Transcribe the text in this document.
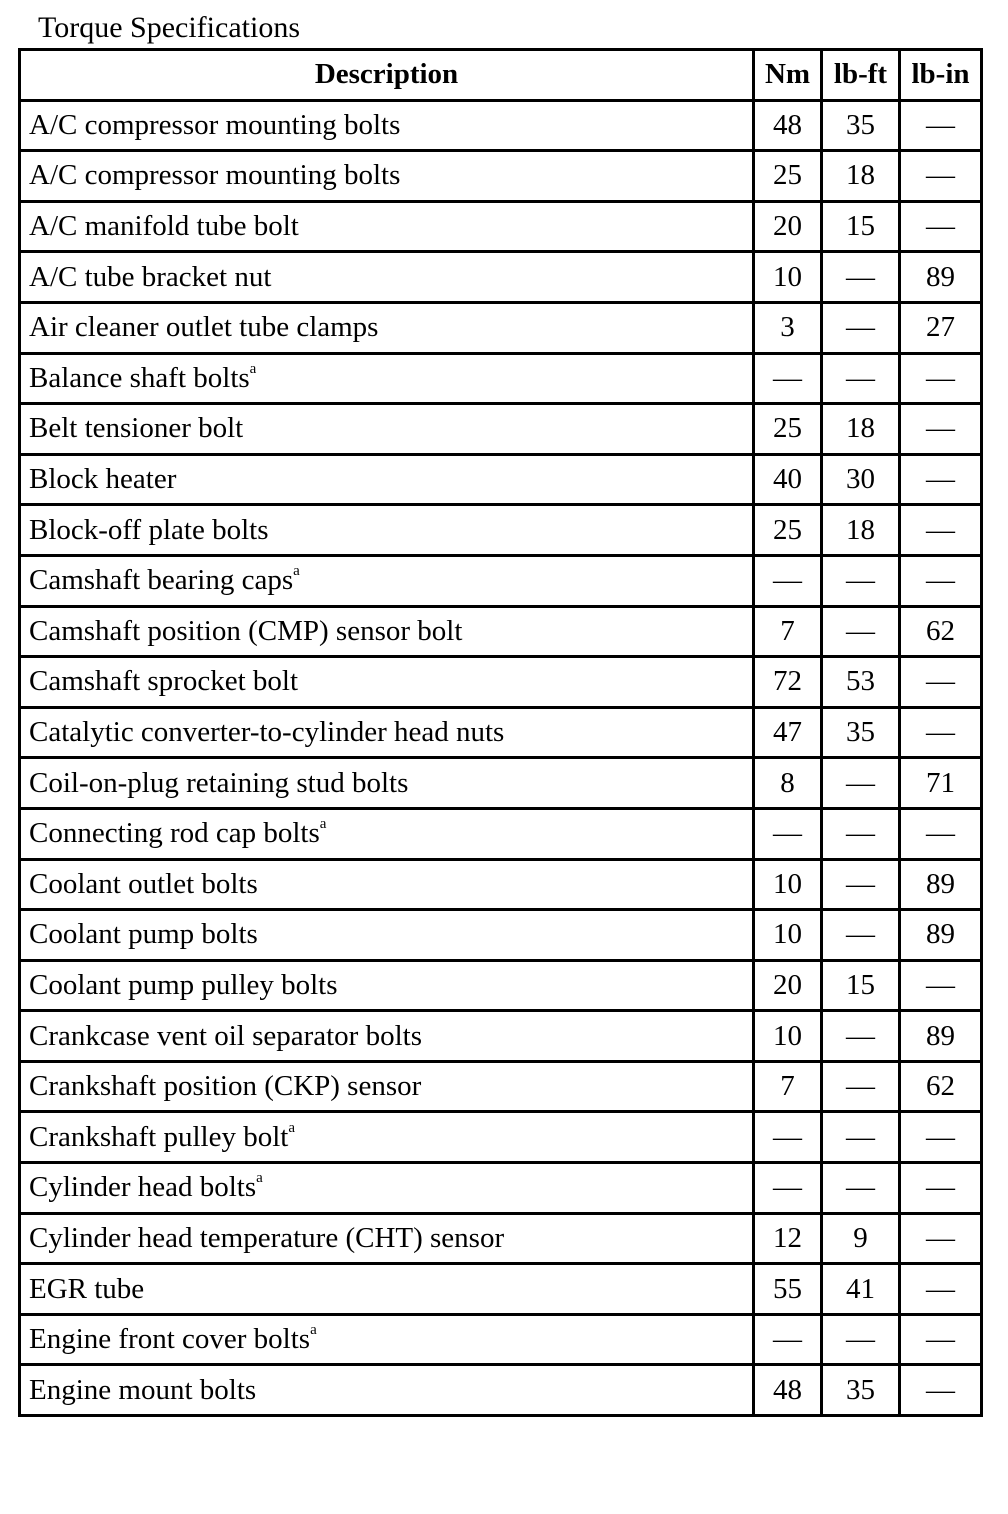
Torque Specifications
Description	Nm	lb-ft	lb-in
A/C compressor mounting bolts	48	35	—
A/C compressor mounting bolts	25	18	—
A/C manifold tube bolt	20	15	—
A/C tube bracket nut	10	—	89
Air cleaner outlet tube clamps	3	—	27
Balance shaft bolts$^a$	—	—	—
Belt tensioner bolt	25	18	—
Block heater	40	30	—
Block-off plate bolts	25	18	—
Camshaft bearing caps$^a$	—	—	—
Camshaft position (CMP) sensor bolt	7	—	62
Camshaft sprocket bolt	72	53	—
Catalytic converter-to-cylinder head nuts	47	35	—
Coil-on-plug retaining stud bolts	8	—	71
Connecting rod cap bolts$^a$	—	—	—
Coolant outlet bolts	10	—	89
Coolant pump bolts	10	—	89
Coolant pump pulley bolts	20	15	—
Crankcase vent oil separator bolts	10	—	89
Crankshaft position (CKP) sensor	7	—	62
Crankshaft pulley bolt$^a$	—	—	—
Cylinder head bolts$^a$	—	—	—
Cylinder head temperature (CHT) sensor	12	9	—
EGR tube	55	41	—
Engine front cover bolts$^a$	—	—	—
Engine mount bolts	48	35	—
